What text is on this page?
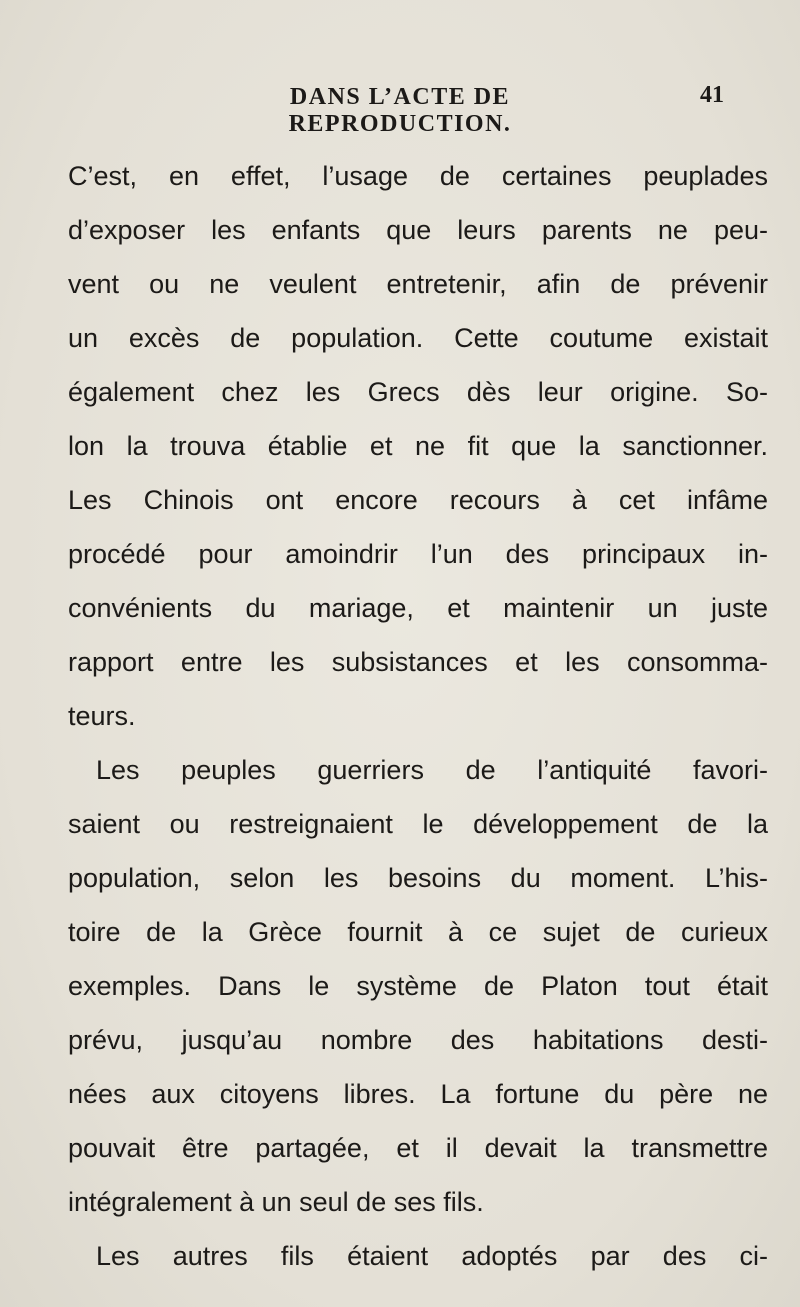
DANS L’ACTE DE REPRODUCTION.
41
C’est, en effet, l’usage de certaines peuplades
d’exposer les enfants que leurs parents ne peu-
vent ou ne veulent entretenir, afin de prévenir
un excès de population. Cette coutume existait
également chez les Grecs dès leur origine. So-
lon la trouva établie et ne fit que la sanctionner.
Les Chinois ont encore recours à cet infâme
procédé pour amoindrir l’un des principaux in-
convénients du mariage, et maintenir un juste
rapport entre les subsistances et les consomma-
teurs.
Les peuples guerriers de l’antiquité favori-
saient ou restreignaient le développement de la
population, selon les besoins du moment. L’his-
toire de la Grèce fournit à ce sujet de curieux
exemples. Dans le système de Platon tout était
prévu, jusqu’au nombre des habitations desti-
nées aux citoyens libres. La fortune du père ne
pouvait être partagée, et il devait la transmettre
intégralement à un seul de ses fils.
Les autres fils étaient adoptés par des ci-
